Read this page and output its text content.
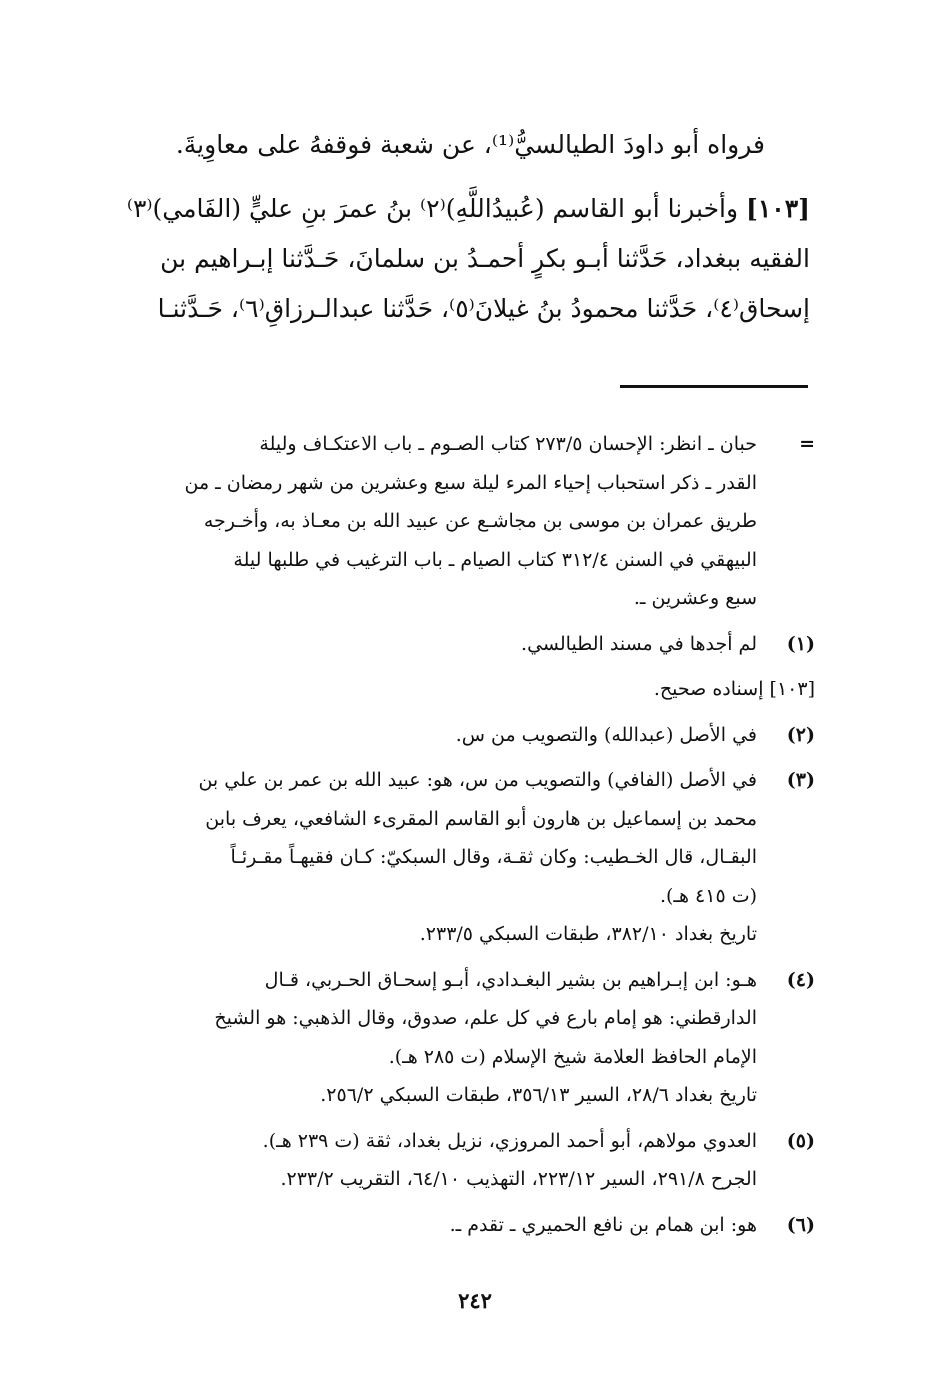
فرواه أبو داودَ الطيالسيُّ⁽¹⁾، عن شعبة فوقفهُ على معاوِيةَ.

[١٠٣] وأخبرنا أبو القاسم (عُبيدُاللَّهِ)⁽٢⁾ بنُ عمرَ بنِ عليٍّ (الفَامي)⁽٣⁾
الفقيه ببغداد، حَدَّثنا أبـو بكرٍ أحمـدُ بن سلمانَ، حَـدَّثنا إبـراهيم بن
إسحاق⁽٤⁾، حَدَّثنا محمودُ بنُ غيلانَ⁽٥⁾، حَدَّثنا عبدالـرزاقِ⁽٦⁾، حَـدَّثنـا

=
حبان ـ انظر: الإحسان ٢٧٣/٥ كتاب الصـوم ـ باب الاعتكـاف وليلة
القدر ـ ذكر استحباب إحياء المرء ليلة سبع وعشرين من شهر رمضان ـ من
طريق عمران بن موسى بن مجاشـع عن عبيد الله بن معـاذ به، وأخـرجه
البيهقي في السنن ٣١٢/٤ كتاب الصيام ـ باب الترغيب في طلبها ليلة
سبع وعشرين ـ.
(١)
لم أجدها في مسند الطيالسي.
[١٠٣] إسناده صحيح.
(٢)
في الأصل (عبدالله) والتصويب من س.
(٣)
في الأصل (الفافي) والتصويب من س، هو: عبيد الله بن عمر بن علي بن
محمد بن إسماعيل بن هارون أبو القاسم المقرىء الشافعي، يعرف بابن
البقـال، قال الخـطيب: وكان ثقـة، وقال السبكيّ: كـان فقيهـاً مقـرئـاً
(ت ٤١٥ هـ).
تاريخ بغداد ٣٨٢/١٠، طبقات السبكي ٢٣٣/٥.
(٤)
هـو: ابن إبـراهيم بن بشير البغـدادي، أبـو إسحـاق الحـربي، قـال
الدارقطني: هو إمام بارع في كل علم، صدوق، وقال الذهبي: هو الشيخ
الإمام الحافظ العلامة شيخ الإسلام (ت ٢٨٥ هـ).
تاريخ بغداد ٢٨/٦، السير ٣٥٦/١٣، طبقات السبكي ٢٥٦/٢.
(٥)
العدوي مولاهم، أبو أحمد المروزي، نزيل بغداد، ثقة (ت ٢٣٩ هـ).
الجرح ٢٩١/٨، السير ٢٢٣/١٢، التهذيب ٦٤/١٠، التقريب ٢٣٣/٢.
(٦)
هو: ابن همام بن نافع الحميري ـ تقدم ـ.
٢٤٢
